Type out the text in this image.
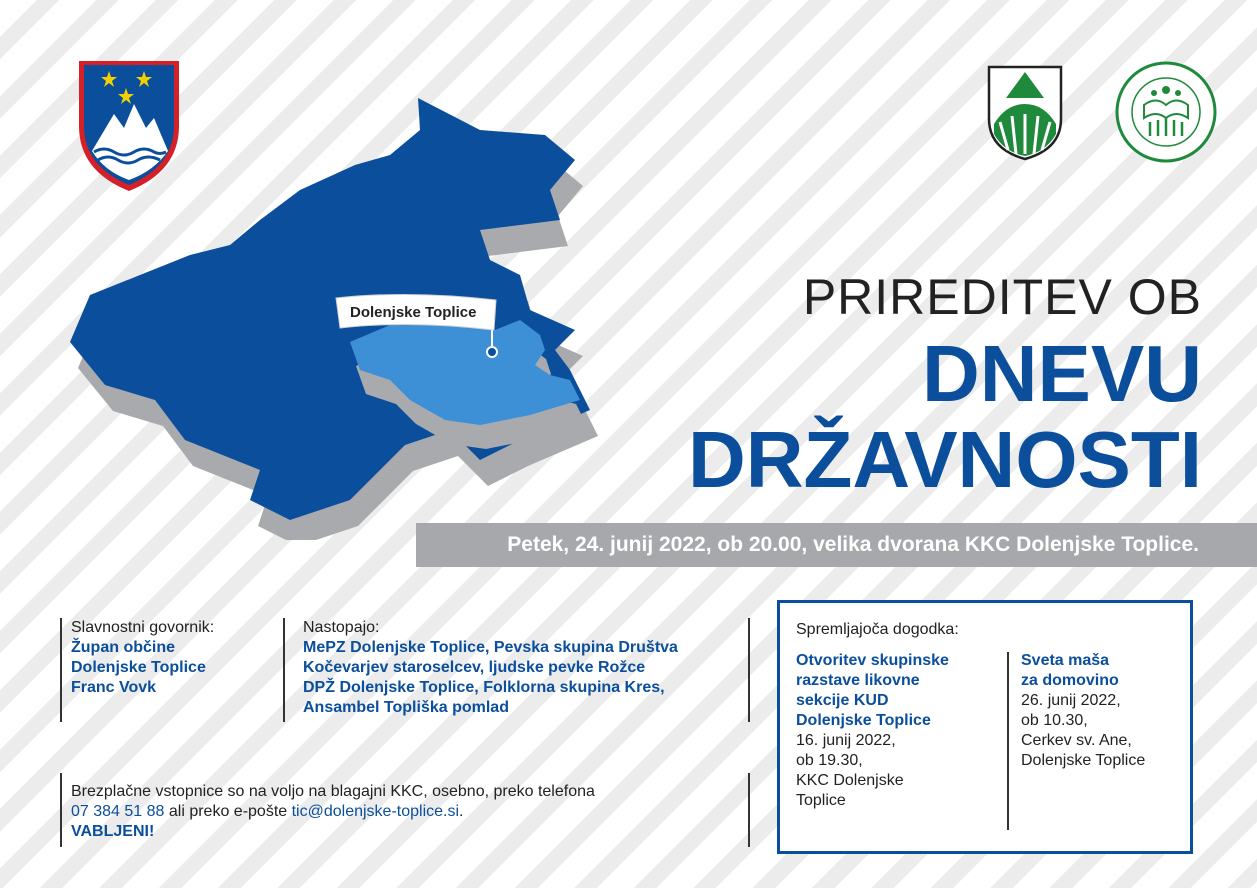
Dolenjske Toplice	PRIREDITEV OB
DNEVU
DRŽAVNOSTI
Petek, 24. junij 2022, ob 20.00, velika dvorana KKC Dolenjske Toplice.
Slavnostni govornik:
Župan občine
Dolenjske Toplice
Franc Vovk
Nastopajo:
MePZ Dolenjske Toplice, Pevska skupina Društva
Kočevarjev staroselcev, ljudske pevke Rožce
DPŽ Dolenjske Toplice, Folklorna skupina Kres,
Ansambel Topliška pomlad
Brezplačne vstopnice so na voljo na blagajni KKC, osebno, preko telefona
07 384 51 88 ali preko e-pošte tic@dolenjske-toplice.si.
VABLJENI!
Spremljajoča dogodka:
Otvoritev skupinske
razstave likovne
sekcije KUD
Dolenjske Toplice
16. junij 2022,
ob 19.30,
KKC Dolenjske
Toplice
Sveta maša
za domovino
26. junij 2022,
ob 10.30,
Cerkev sv. Ane,
Dolenjske Toplice
